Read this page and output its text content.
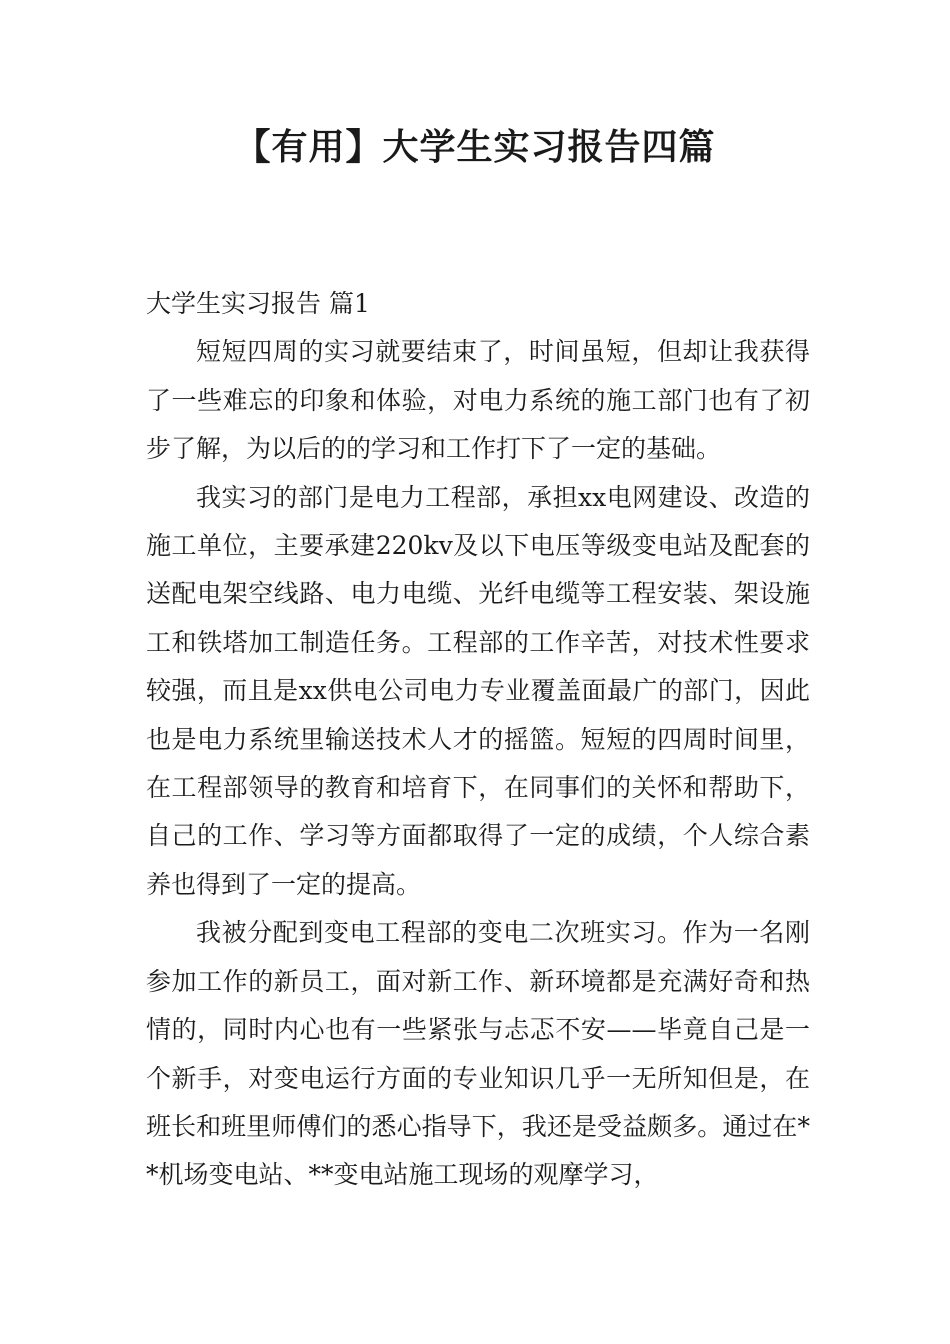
【有用】大学生实习报告四篇
大学生实习报告 篇1

短短四周的实习就要结束了，时间虽短，但却让我获得了一些难忘的印象和体验，对电力系统的施工部门也有了初步了解，为以后的的学习和工作打下了一定的基础。

我实习的部门是电力工程部，承担xx电网建设、改造的施工单位，主要承建220kv及以下电压等级变电站及配套的送配电架空线路、电力电缆、光纤电缆等工程安装、架设施工和铁塔加工制造任务。工程部的工作辛苦，对技术性要求较强，而且是xx供电公司电力专业覆盖面最广的部门，因此也是电力系统里输送技术人才的摇篮。短短的四周时间里，在工程部领导的教育和培育下，在同事们的关怀和帮助下，自己的工作、学习等方面都取得了一定的成绩，个人综合素养也得到了一定的提高。

我被分配到变电工程部的变电二次班实习。作为一名刚参加工作的新员工，面对新工作、新环境都是充满好奇和热情的，同时内心也有一些紧张与忐忑不安——毕竟自己是一个新手，对变电运行方面的专业知识几乎一无所知但是，在班长和班里师傅们的悉心指导下，我还是受益颇多。通过在**机场变电站、**变电站施工现场的观摩学习，
